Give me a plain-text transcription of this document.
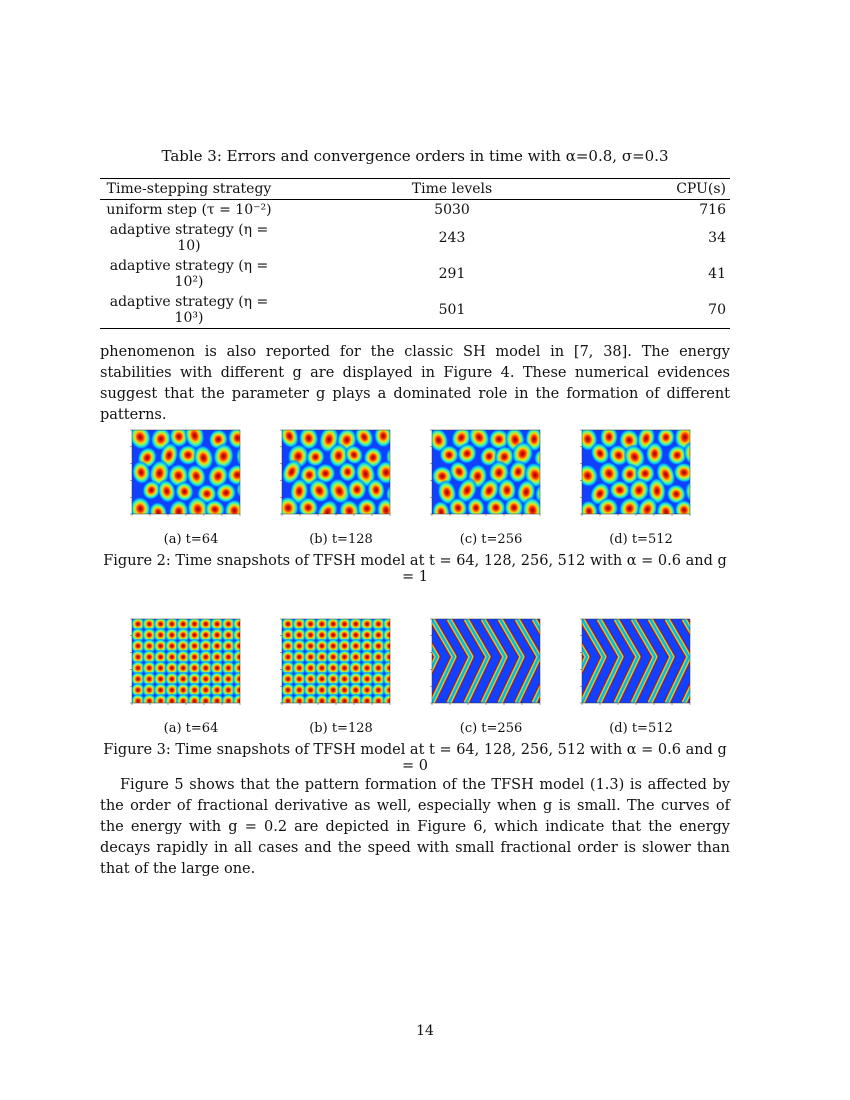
Table 3: Errors and convergence orders in time with α=0.8, σ=0.3
Time-stepping strategy	Time levels	CPU(s)
uniform step (τ = 10⁻²)	5030	716
adaptive strategy (η = 10)	243	34
adaptive strategy (η = 10²)	291	41
adaptive strategy (η = 10³)	501	70
phenomenon is also reported for the classic SH model in [7, 38]. The energy stabilities with different g are displayed in Figure 4. These numerical evidences suggest that the parameter g plays a dominated role in the formation of different patterns.
(a) t=64	(b) t=128	(c) t=256	(d) t=512
Figure 2: Time snapshots of TFSH model at t = 64, 128, 256, 512 with α = 0.6 and g = 1
(a) t=64	(b) t=128	(c) t=256	(d) t=512
Figure 3: Time snapshots of TFSH model at t = 64, 128, 256, 512 with α = 0.6 and g = 0
Figure 5 shows that the pattern formation of the TFSH model (1.3) is affected by the order of fractional derivative as well, especially when g is small. The curves of the energy with g = 0.2 are depicted in Figure 6, which indicate that the energy decays rapidly in all cases and the speed with small fractional order is slower than that of the large one.
14
